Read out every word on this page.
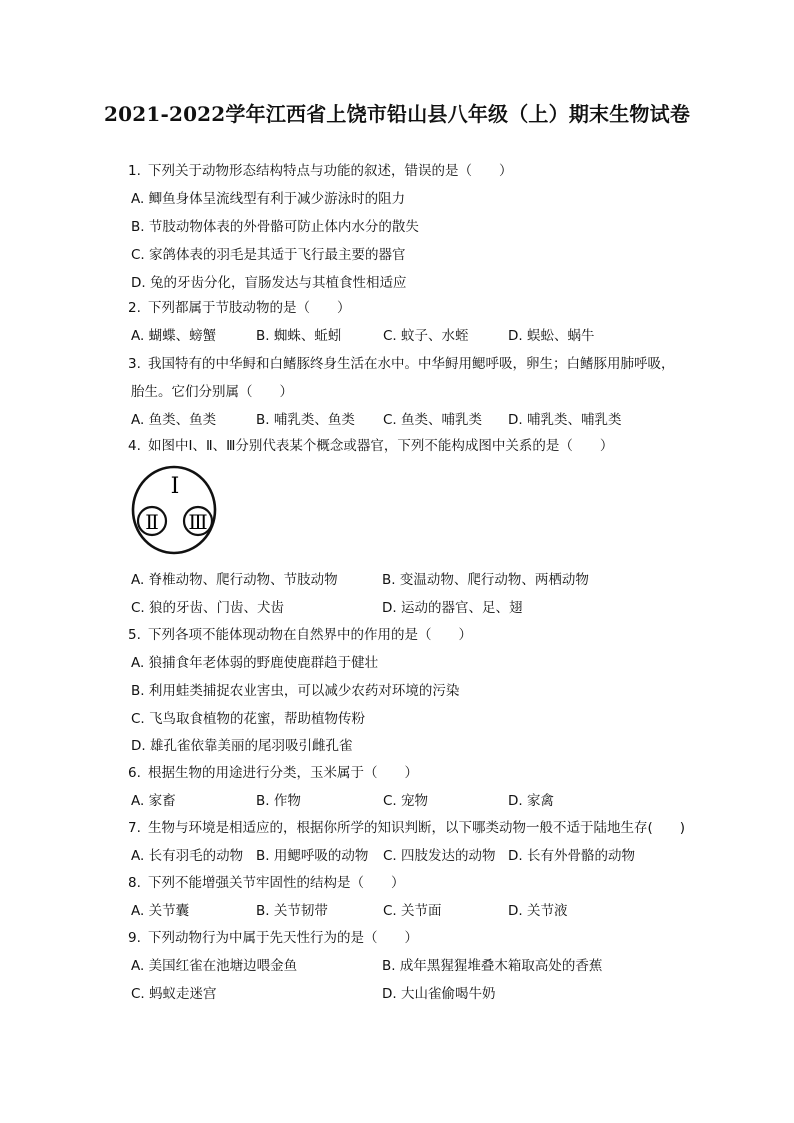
2021-2022学年江西省上饶市铅山县八年级（上）期末生物试卷
1. 下列关于动物形态结构特点与功能的叙述，错误的是（　　）
A. 鲫鱼身体呈流线型有利于减少游泳时的阻力
B. 节肢动物体表的外骨骼可防止体内水分的散失
C. 家鸽体表的羽毛是其适于飞行最主要的器官
D. 兔的牙齿分化，盲肠发达与其植食性相适应
2. 下列都属于节肢动物的是（　　）
A. 蝴蝶、螃蟹	B. 蜘蛛、蚯蚓	C. 蚊子、水蛭	D. 蜈蚣、蜗牛
3. 我国特有的中华鲟和白鳍豚终身生活在水中。中华鲟用鳃呼吸，卵生；白鳍豚用肺呼吸，
胎生。它们分别属（　　）
A. 鱼类、鱼类	B. 哺乳类、鱼类 C. 鱼类、哺乳类 D. 哺乳类、哺乳类
4. 如图中Ⅰ、Ⅱ、Ⅲ分别代表某个概念或器官，下列不能构成图中关系的是（　　）
Ⅰ
Ⅱ Ⅲ
A. 脊椎动物、爬行动物、节肢动物	B. 变温动物、爬行动物、两栖动物
C. 狼的牙齿、门齿、犬齿	D. 运动的器官、足、翅
5. 下列各项不能体现动物在自然界中的作用的是（　　）
A. 狼捕食年老体弱的野鹿使鹿群趋于健壮
B. 利用蛙类捕捉农业害虫，可以减少农药对环境的污染
C. 飞鸟取食植物的花蜜，帮助植物传粉
D. 雄孔雀依靠美丽的尾羽吸引雌孔雀
6. 根据生物的用途进行分类，玉米属于（　　）
A. 家畜	B. 作物	C. 宠物	D. 家禽
7. 生物与环境是相适应的，根据你所学的知识判断，以下哪类动物一般不适于陆地生存(　　)
A. 长有羽毛的动物 B. 用鳃呼吸的动物 C. 四肢发达的动物 D. 长有外骨骼的动物
8. 下列不能增强关节牢固性的结构是（　　）
A. 关节囊	B. 关节韧带	C. 关节面	D. 关节液
9. 下列动物行为中属于先天性行为的是（　　）
A. 美国红雀在池塘边喂金鱼	B. 成年黑猩猩堆叠木箱取高处的香蕉
C. 蚂蚁走迷宫	D. 大山雀偷喝牛奶
